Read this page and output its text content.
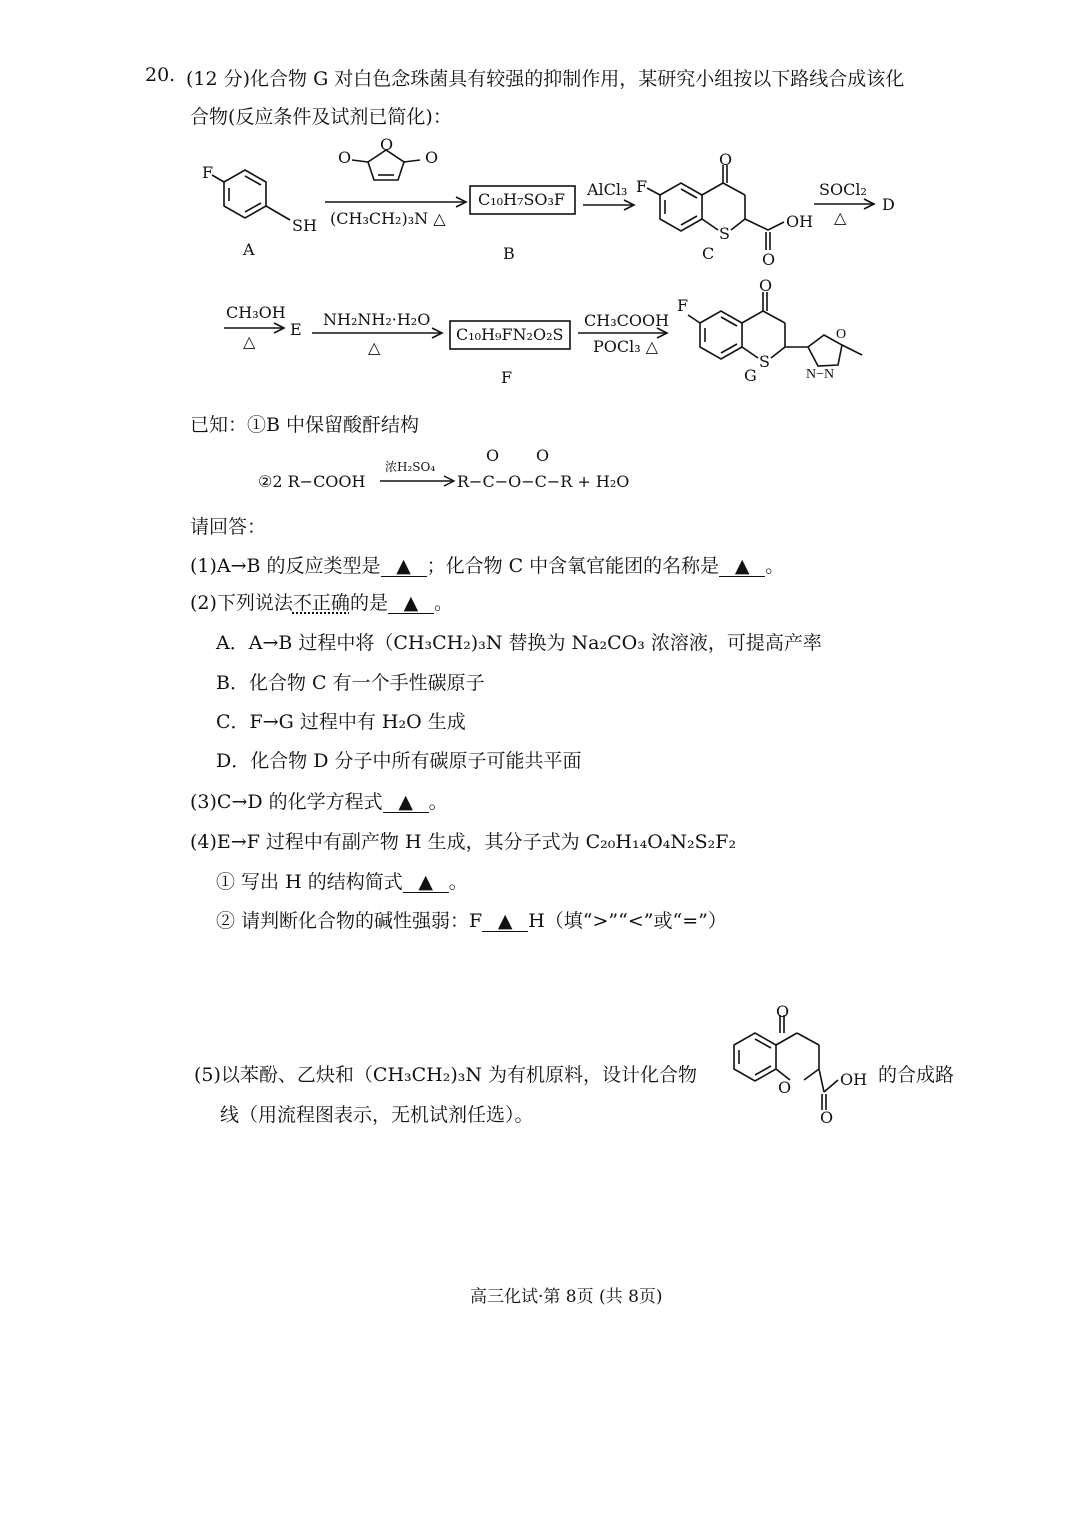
20. (12 分)化合物 G 对白色念珠菌具有较强的抑制作用，某研究小组按以下路线合成该化
合物(反应条件及试剂已简化)：
O
N−N
F
SH
A
O
O
O
(CH₃CH₂)₃N △
C₁₀H₇SO₃F
B
AlCl₃ F
O
S
OH
O
C
SOCl₂
△
D
CH₃OH
△
E
NH₂NH₂·H₂O
△
C₁₀H₉FN₂O₂S
F
CH₃COOH
POCl₃ △
F
O
S
G
已知：①B 中保留酸酐结构
②2 R−COOH
浓H₂SO₄
O O
R−C−O−C−R + H₂O
请回答：
(1)A→B 的反应类型是 ▲ ；化合物 C 中含氧官能团的名称是 ▲ 。
(2)下列说法不正确的是 ▲ 。
A．A→B 过程中将（CH₃CH₂)₃N 替换为 Na₂CO₃ 浓溶液，可提高产率
B．化合物 C 有一个手性碳原子
C．F→G 过程中有 H₂O 生成
D．化合物 D 分子中所有碳原子可能共平面
(3)C→D 的化学方程式 ▲ 。
(4)E→F 过程中有副产物 H 生成，其分子式为 C₂₀H₁₄O₄N₂S₂F₂
① 写出 H 的结构简式 ▲ 。
② 请判断化合物的碱性强弱：F ▲ H（填“>”“<”或“=”）
(5)以苯酚、乙炔和（CH₃CH₂)₃N 为有机原料，设计化合物
O
O	OH
O
的合成路
线（用流程图表示，无机试剂任选）。
高三化试·第 8页 (共 8页)
